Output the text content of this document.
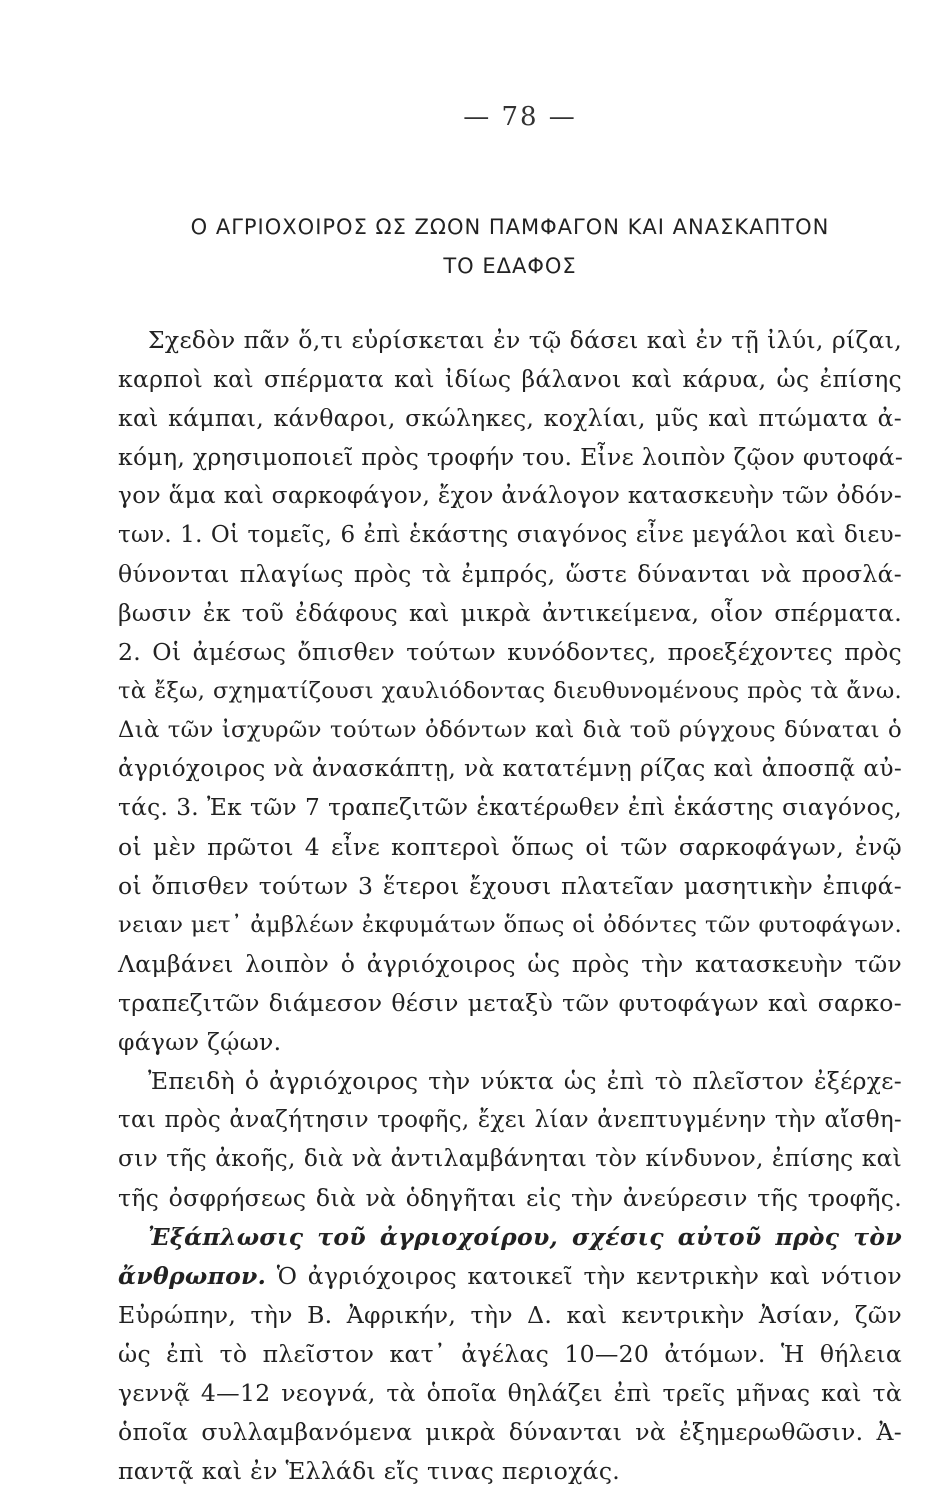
— 78 —
Ο ΑΓΡΙΟΧΟΙΡΟΣ ΩΣ ΖΩΟΝ ΠΑΜΦΑΓΟΝ ΚΑΙ ΑΝΑΣΚΑΠΤΟΝ
ΤΟ ΕΔΑΦΟΣ
Σχεδὸν πᾶν ὅ,τι εὑρίσκεται ἐν τῷ δάσει καὶ ἐν τῇ ἰλύι, ρίζαι,
καρποὶ καὶ σπέρματα καὶ ἰδίως βάλανοι καὶ κάρυα, ὡς ἐπίσης
καὶ κάμπαι, κάνθαροι, σκώληκες, κοχλίαι, μῦς καὶ πτώματα ἀ-
κόμη, χρησιμοποιεῖ πρὸς τροφήν του. Εἶνε λοιπὸν ζῷον φυτοφά-
γον ἅμα καὶ σαρκοφάγον, ἔχον ἀνάλογον κατασκευὴν τῶν ὀδόν-
των. 1. Οἱ τομεῖς, 6 ἐπὶ ἑκάστης σιαγόνος εἶνε μεγάλοι καὶ διευ-
θύνονται πλαγίως πρὸς τὰ ἐμπρός, ὥστε δύνανται νὰ προσλά-
βωσιν ἐκ τοῦ ἐδάφους καὶ μικρὰ ἀντικείμενα, οἷον σπέρματα.
2. Οἱ ἀμέσως ὄπισθεν τούτων κυνόδοντες, προεξέχοντες πρὸς
τὰ ἔξω, σχηματίζουσι χαυλιόδοντας διευθυνομένους πρὸς τὰ ἄνω.
Διὰ τῶν ἰσχυρῶν τούτων ὀδόντων καὶ διὰ τοῦ ρύγχους δύναται ὁ
ἀγριόχοιρος νὰ ἀνασκάπτῃ, νὰ κατατέμνῃ ρίζας καὶ ἀποσπᾷ αὐ-
τάς. 3. Ἐκ τῶν 7 τραπεζιτῶν ἑκατέρωθεν ἐπὶ ἑκάστης σιαγόνος,
οἱ μὲν πρῶτοι 4 εἶνε κοπτεροὶ ὅπως οἱ τῶν σαρκοφάγων, ἐνῷ
οἱ ὄπισθεν τούτων 3 ἕτεροι ἔχουσι πλατεῖαν μασητικὴν ἐπιφά-
νειαν μετ᾿ ἀμβλέων ἐκφυμάτων ὅπως οἱ ὀδόντες τῶν φυτοφάγων.
Λαμβάνει λοιπὸν ὁ ἀγριόχοιρος ὡς πρὸς τὴν κατασκευὴν τῶν
τραπεζιτῶν διάμεσον θέσιν μεταξὺ τῶν φυτοφάγων καὶ σαρκο-
φάγων ζῴων.
Ἐπειδὴ ὁ ἀγριόχοιρος τὴν νύκτα ὡς ἐπὶ τὸ πλεῖστον ἐξέρχε-
ται πρὸς ἀναζήτησιν τροφῆς, ἔχει λίαν ἀνεπτυγμένην τὴν αἴσθη-
σιν τῆς ἀκοῆς, διὰ νὰ ἀντιλαμβάνηται τὸν κίνδυνον, ἐπίσης καὶ
τῆς ὀσφρήσεως διὰ νὰ ὁδηγῆται εἰς τὴν ἀνεύρεσιν τῆς τροφῆς.
Ἐξάπλωσις τοῦ ἀγριοχοίρου, σχέσις αὐτοῦ πρὸς τὸν
ἄνθρωπον. Ὁ ἀγριόχοιρος κατοικεῖ τὴν κεντρικὴν καὶ νότιον
Εὐρώπην, τὴν Β. Ἀφρικήν, τὴν Δ. καὶ κεντρικὴν Ἀσίαν, ζῶν
ὡς ἐπὶ τὸ πλεῖστον κατ᾿ ἀγέλας 10—20 ἀτόμων. Ἡ θήλεια
γεννᾷ 4—12 νεογνά, τὰ ὁποῖα θηλάζει ἐπὶ τρεῖς μῆνας καὶ τὰ
ὁποῖα συλλαμβανόμενα μικρὰ δύνανται νὰ ἐξημερωθῶσιν. Ἀ-
παντᾷ καὶ ἐν Ἑλλάδι εἴς τινας περιοχάς.
